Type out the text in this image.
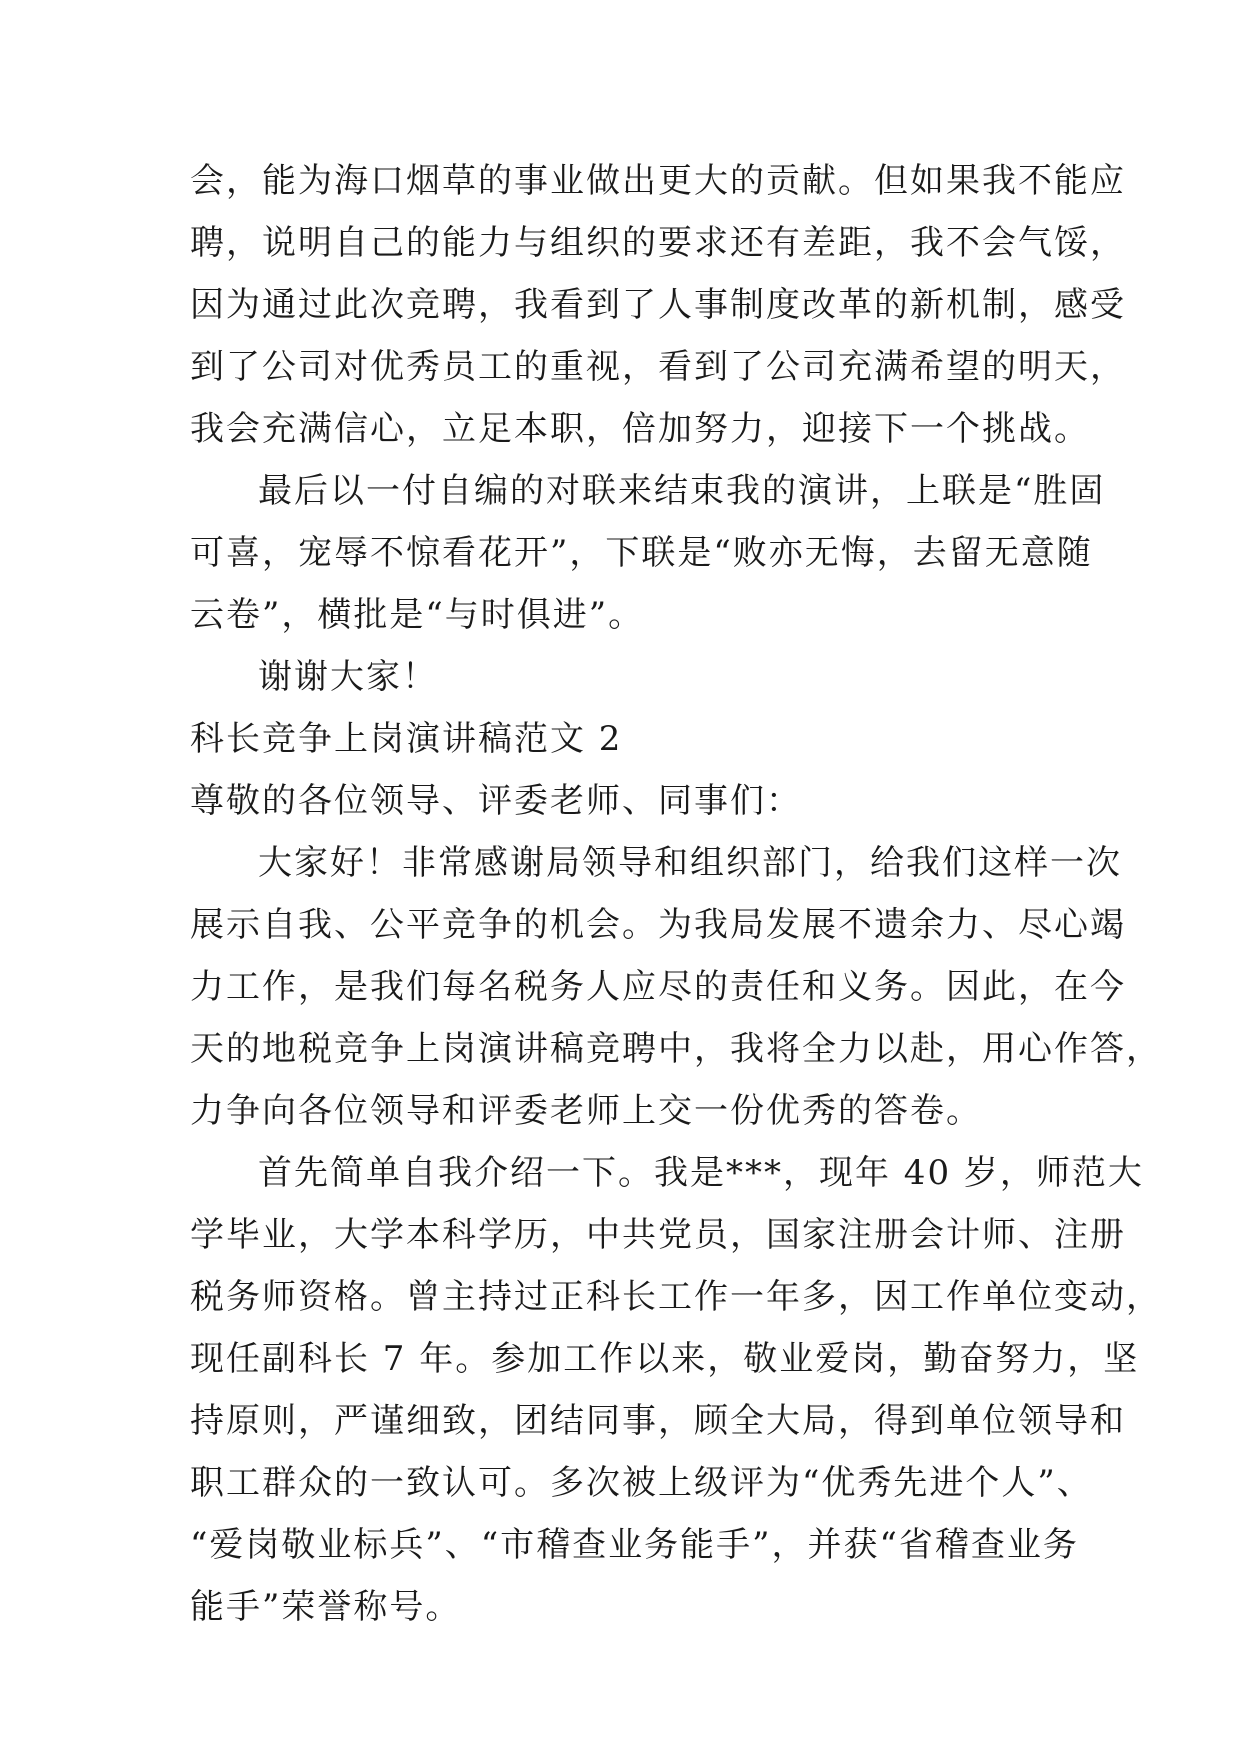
会，能为海口烟草的事业做出更大的贡献。但如果我不能应
聘，说明自己的能力与组织的要求还有差距，我不会气馁，
因为通过此次竞聘，我看到了人事制度改革的新机制，感受
到了公司对优秀员工的重视，看到了公司充满希望的明天，
我会充满信心，立足本职，倍加努力，迎接下一个挑战。
最后以一付自编的对联来结束我的演讲，上联是“胜固
可喜，宠辱不惊看花开”，下联是“败亦无悔，去留无意随
云卷”，横批是“与时俱进”。
谢谢大家！
科长竞争上岗演讲稿范文 2
尊敬的各位领导、评委老师、同事们：
大家好！非常感谢局领导和组织部门，给我们这样一次
展示自我、公平竞争的机会。为我局发展不遗余力、尽心竭
力工作，是我们每名税务人应尽的责任和义务。因此，在今
天的地税竞争上岗演讲稿竞聘中，我将全力以赴，用心作答，
力争向各位领导和评委老师上交一份优秀的答卷。
首先简单自我介绍一下。我是***，现年 40 岁，师范大
学毕业，大学本科学历，中共党员，国家注册会计师、注册
税务师资格。曾主持过正科长工作一年多，因工作单位变动，
现任副科长 7 年。参加工作以来，敬业爱岗，勤奋努力，坚
持原则，严谨细致，团结同事，顾全大局，得到单位领导和
职工群众的一致认可。多次被上级评为“优秀先进个人”、
“爱岗敬业标兵”、“市稽查业务能手”，并获“省稽查业务
能手”荣誉称号。
